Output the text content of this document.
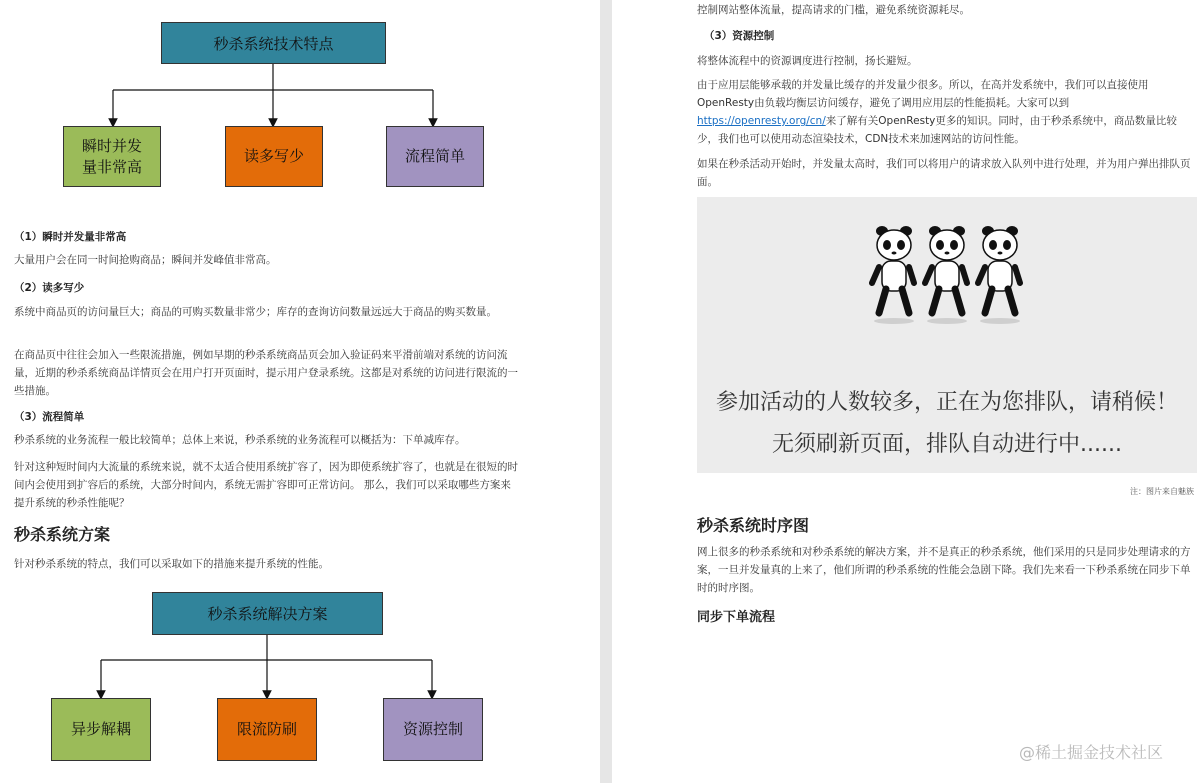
秒杀系统技术特点
瞬时并发
量非常高
读多写少	流程简单
（1）瞬时并发量非常高
大量用户会在同一时间抢购商品；瞬间并发峰值非常高。
（2）读多写少
系统中商品页的访问量巨大；商品的可购买数量非常少；库存的查询访问数量远远大于商品的购买数量。
在商品页中往往会加入一些限流措施，例如早期的秒杀系统商品页会加入验证码来平滑前端对系统的访问流量，近期的秒杀系统商品详情页会在用户打开页面时，提示用户登录系统。这都是对系统的访问进行限流的一些措施。
（3）流程简单
秒杀系统的业务流程一般比较简单；总体上来说，秒杀系统的业务流程可以概括为：下单减库存。
针对这种短时间内大流量的系统来说，就不太适合使用系统扩容了，因为即使系统扩容了，也就是在很短的时间内会使用到扩容后的系统，大部分时间内，系统无需扩容即可正常访问。 那么，我们可以采取哪些方案来提升系统的秒杀性能呢？
秒杀系统方案
针对秒杀系统的特点，我们可以采取如下的措施来提升系统的性能。
秒杀系统解决方案
异步解耦	限流防刷	资源控制
控制网站整体流量，提高请求的门槛，避免系统资源耗尽。
（3）资源控制
将整体流程中的资源调度进行控制，扬长避短。
由于应用层能够承载的并发量比缓存的并发量少很多。所以，在高并发系统中，我们可以直接使用OpenResty由负载均衡层访问缓存，避免了调用应用层的性能损耗。大家可以到https://openresty.org/cn/来了解有关OpenResty更多的知识。同时，由于秒杀系统中，商品数量比较少，我们也可以使用动态渲染技术，CDN技术来加速网站的访问性能。
如果在秒杀活动开始时，并发量太高时，我们可以将用户的请求放入队列中进行处理，并为用户弹出排队页面。
参加活动的人数较多，正在为您排队，请稍候！
无须刷新页面，排队自动进行中......
注：图片来自魅族
秒杀系统时序图
网上很多的秒杀系统和对秒杀系统的解决方案，并不是真正的秒杀系统，他们采用的只是同步处理请求的方案，一旦并发量真的上来了，他们所谓的秒杀系统的性能会急剧下降。我们先来看一下秒杀系统在同步下单时的时序图。
同步下单流程
@稀土掘金技术社区
